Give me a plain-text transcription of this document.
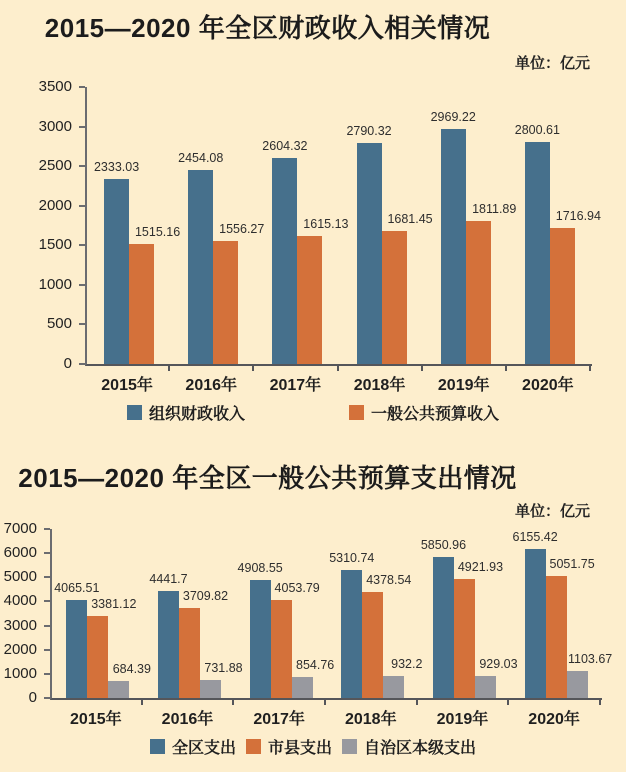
2015—2020 年全区财政收入相关情况
单位：亿元
3500
3000
2500
2000
1500
1000
500
0
2333.03
1515.16
2454.08
1556.27
2604.32
1615.13
2790.32
1681.45
2969.22
1811.89
2800.61
1716.94
2015年	2016年	2017年	2018年	2019年	2020年
组织财政收入	一般公共预算收入
2015—2020 年全区一般公共预算支出情况
单位：亿元
7000
6000
5000
4000
3000
2000
1000
0
4065.51
3381.12
684.39
4441.7
3709.82
731.88
4908.55
4053.79
854.76
5310.74
4378.54
932.2
5850.96
4921.93
929.03
6155.42
5051.75
1103.67
2015年	2016年	2017年	2018年	2019年	2020年
全区支出 市县支出 自治区本级支出
